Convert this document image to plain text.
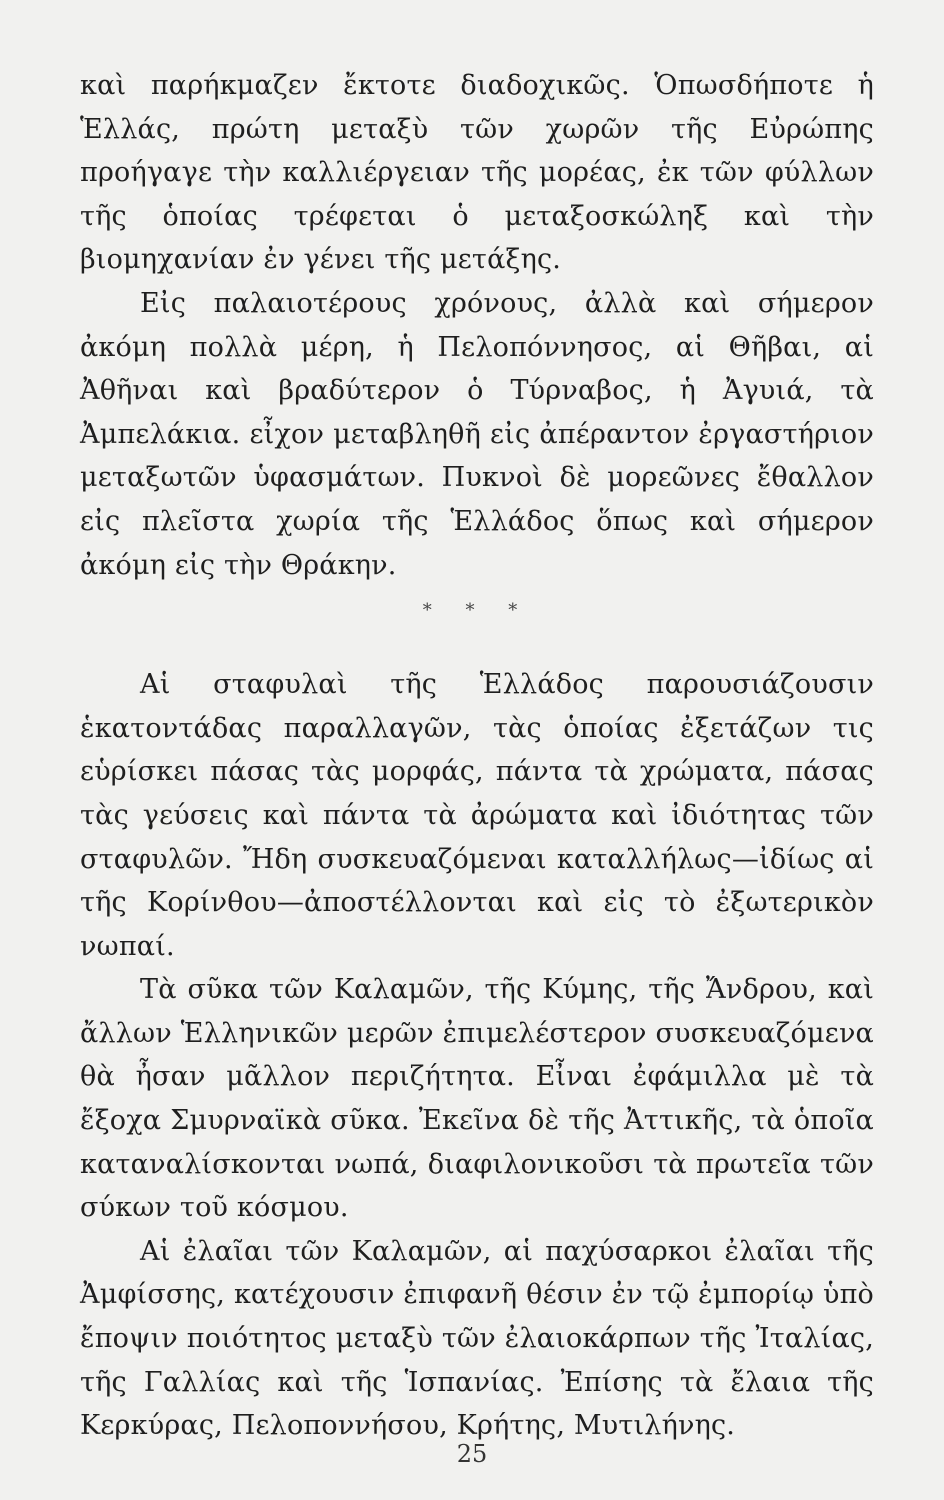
καὶ παρήκμαζεν ἔκτοτε διαδοχικῶς. Ὁπωσδήποτε ἡ Ἑλλάς, πρώτη μεταξὺ τῶν χωρῶν τῆς Εὐρώπης προήγαγε τὴν καλλιέργειαν τῆς μορέας, ἐκ τῶν φύλλων τῆς ὁποίας τρέφεται ὁ μεταξοσκώληξ καὶ τὴν βιομηχανίαν ἐν γένει τῆς μετάξης.

Εἰς παλαιοτέρους χρόνους, ἀλλὰ καὶ σήμερον ἀκόμη πολλὰ μέρη, ἡ Πελοπόννησος, αἱ Θῆβαι, αἱ Ἀθῆναι καὶ βραδύτερον ὁ Τύρναβος, ἡ Ἀγυιά, τὰ Ἀμπελάκια. εἶχον μεταβληθῆ εἰς ἀπέραντον ἐργαστήριον μεταξωτῶν ὑφασμάτων. Πυκνοὶ δὲ μορεῶνες ἔθαλλον εἰς πλεῖστα χωρία τῆς Ἑλλάδος ὅπως καὶ σήμερον ἀκόμη εἰς τὴν Θράκην.

* * *

Αἱ σταφυλαὶ τῆς Ἑλλάδος παρουσιάζουσιν ἑκατοντάδας παραλλαγῶν, τὰς ὁποίας ἐξετάζων τις εὑρίσκει πάσας τὰς μορφάς, πάντα τὰ χρώματα, πάσας τὰς γεύσεις καὶ πάντα τὰ ἀρώματα καὶ ἰδιότητας τῶν σταφυλῶν. Ἤδη συσκευαζόμεναι καταλλήλως—ἰδίως αἱ τῆς Κορίνθου—ἀποστέλλονται καὶ εἰς τὸ ἐξωτερικὸν νωπαί.

Τὰ σῦκα τῶν Καλαμῶν, τῆς Κύμης, τῆς Ἄνδρου, καὶ ἄλλων Ἑλληνικῶν μερῶν ἐπιμελέστερον συσκευαζόμενα θὰ ἦσαν μᾶλλον περιζήτητα. Εἶναι ἐφάμιλλα μὲ τὰ ἔξοχα Σμυρναϊκὰ σῦκα. Ἐκεῖνα δὲ τῆς Ἀττικῆς, τὰ ὁποῖα καταναλίσκονται νωπά, διαφιλονικοῦσι τὰ πρωτεῖα τῶν σύκων τοῦ κόσμου.

Αἱ ἐλαῖαι τῶν Καλαμῶν, αἱ παχύσαρκοι ἐλαῖαι τῆς Ἀμφίσσης, κατέχουσιν ἐπιφανῆ θέσιν ἐν τῷ ἐμπορίῳ ὑπὸ ἔποψιν ποιότητος μεταξὺ τῶν ἐλαιοκάρπων τῆς Ἰταλίας, τῆς Γαλλίας καὶ τῆς Ἱσπανίας. Ἐπίσης τὰ ἔλαια τῆς Κερκύρας, Πελοποννήσου, Κρήτης, Μυτιλήνης.

25
